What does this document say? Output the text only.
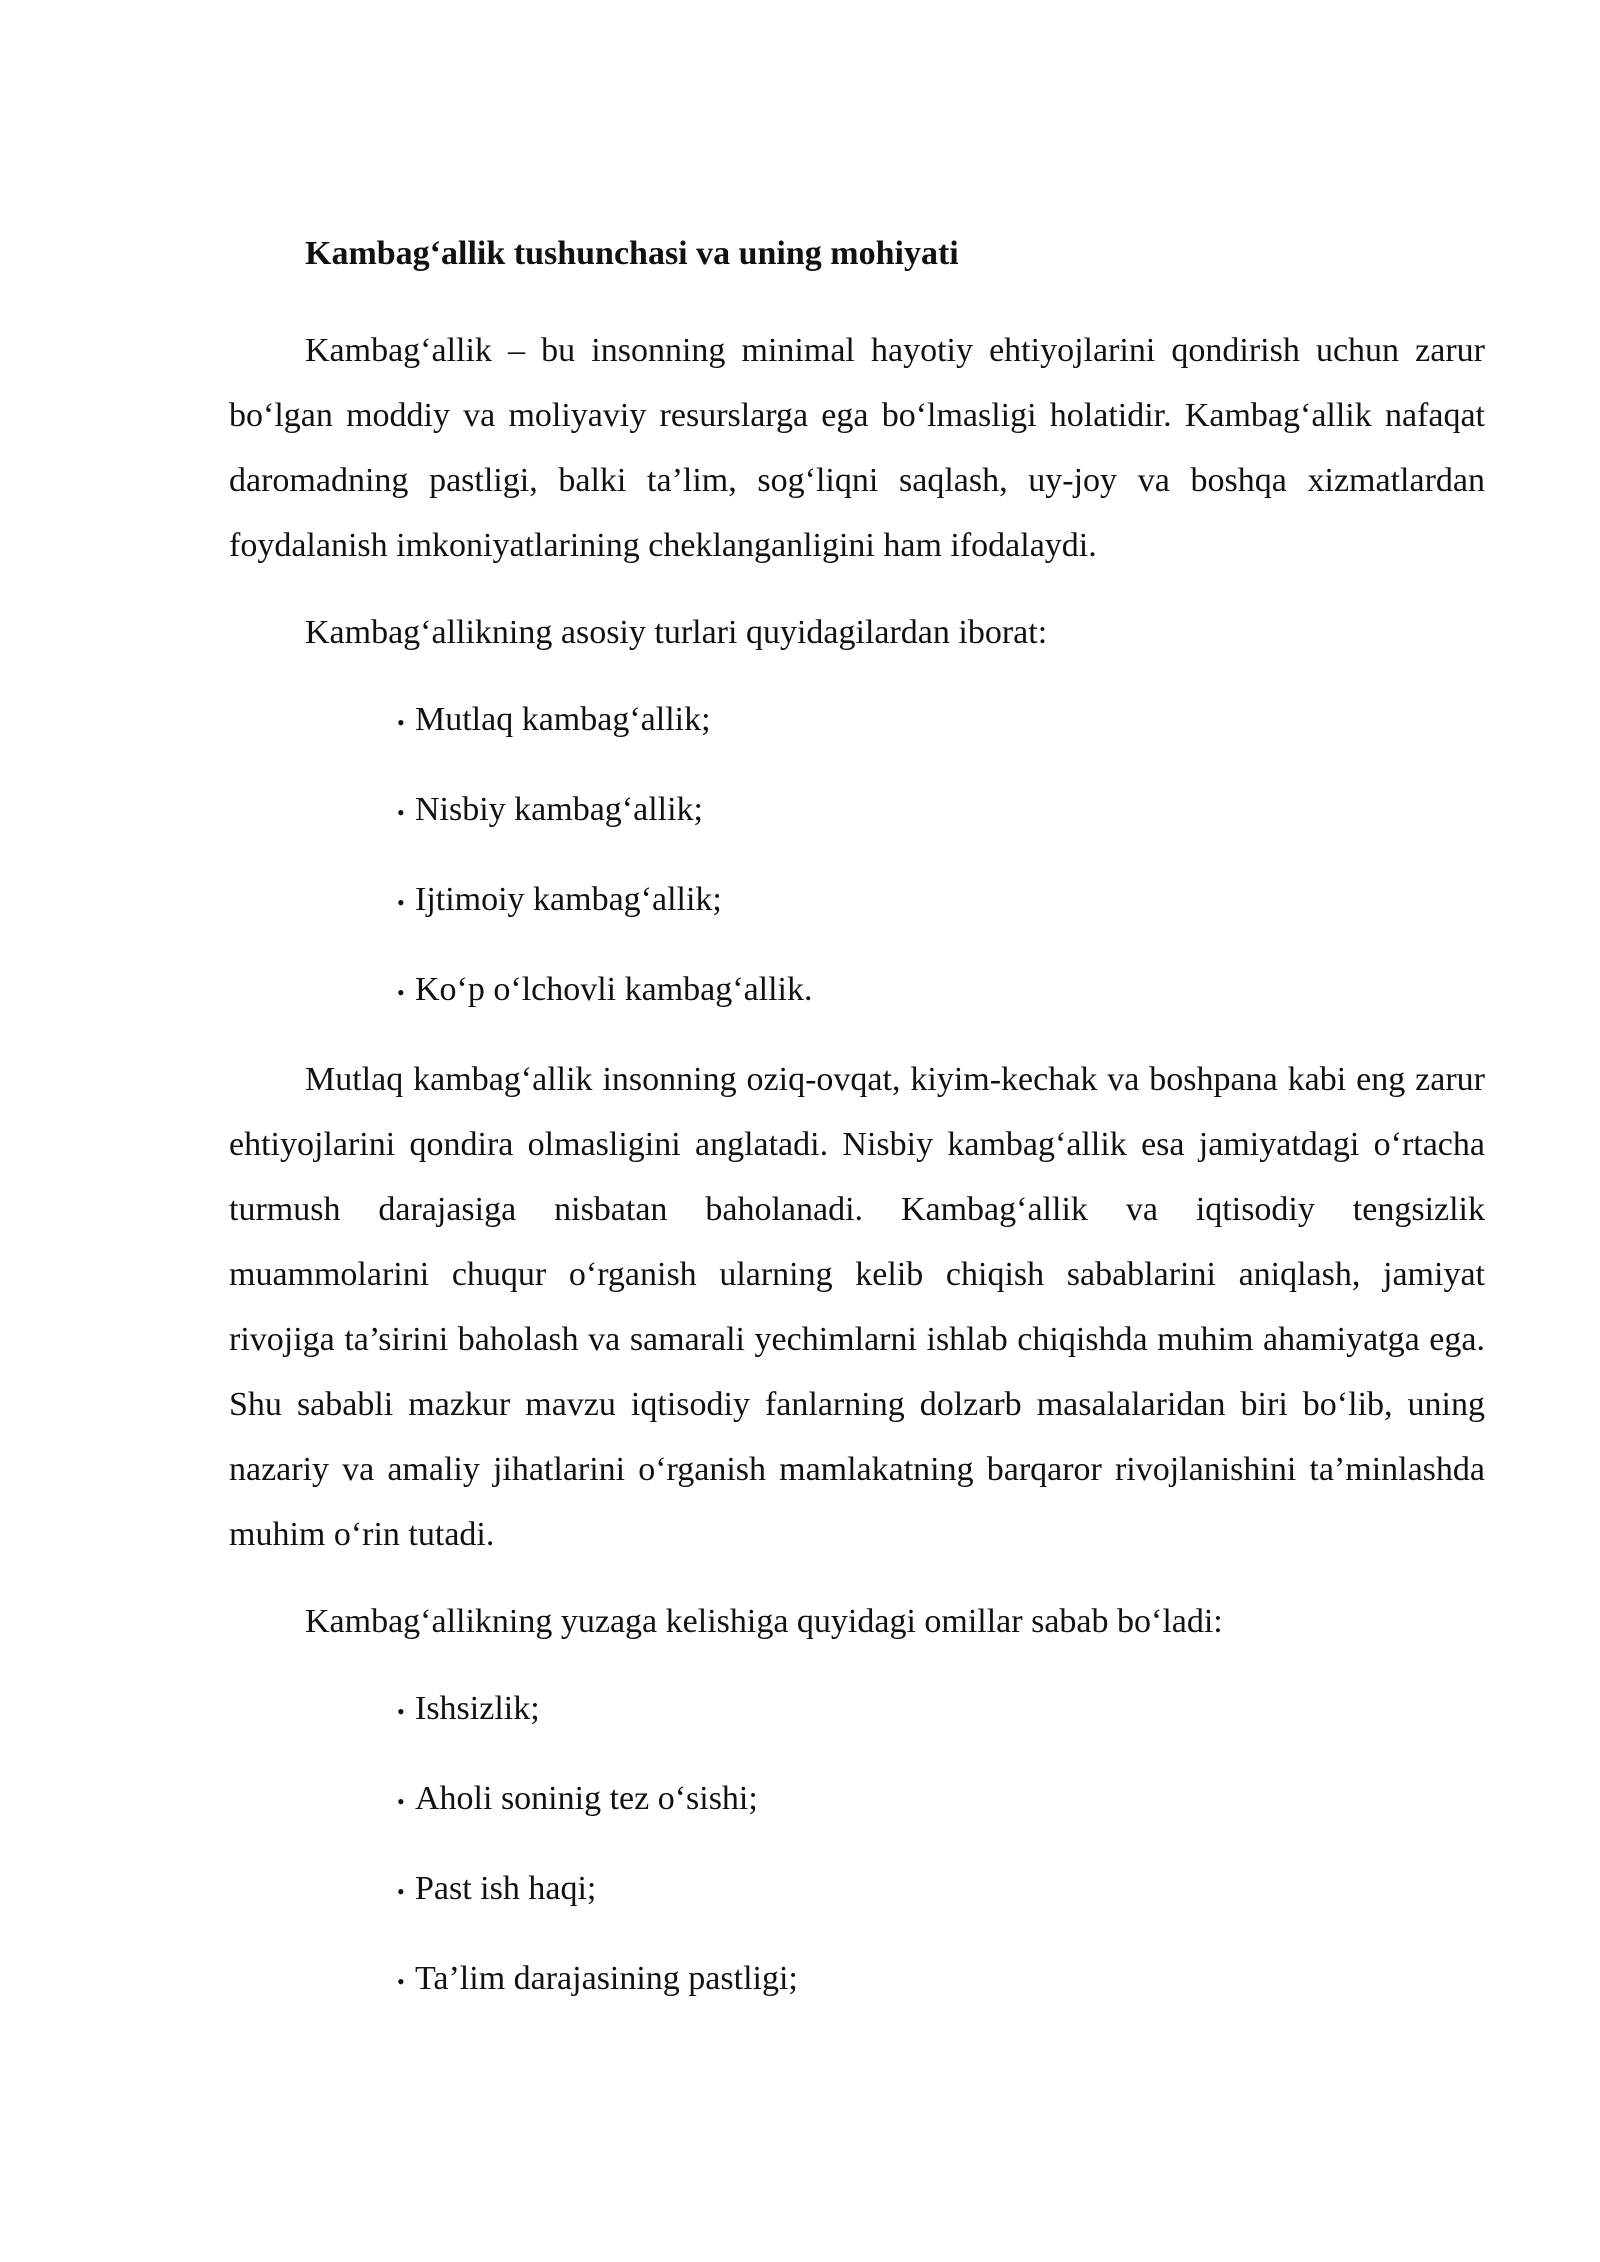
Kambag‘allik tushunchasi va uning mohiyati

Kambag‘allik – bu insonning minimal hayotiy ehtiyojlarini qondirish uchun zarur bo‘lgan moddiy va moliyaviy resurslarga ega bo‘lmasligi holatidir. Kambag‘allik nafaqat daromadning pastligi, balki ta’lim, sog‘liqni saqlash, uy-joy va boshqa xizmatlardan foydalanish imkoniyatlarining cheklanganligini ham ifodalaydi.

Kambag‘allikning asosiy turlari quyidagilardan iborat:

• Mutlaq kambag‘allik;
• Nisbiy kambag‘allik;
• Ijtimoiy kambag‘allik;
• Ko‘p o‘lchovli kambag‘allik.

Mutlaq kambag‘allik insonning oziq-ovqat, kiyim-kechak va boshpana kabi eng zarur ehtiyojlarini qondira olmasligini anglatadi. Nisbiy kambag‘allik esa jamiyatdagi o‘rtacha turmush darajasiga nisbatan baholanadi. Kambag‘allik va iqtisodiy tengsizlik muammolarini chuqur o‘rganish ularning kelib chiqish sabablarini aniqlash, jamiyat rivojiga ta’sirini baholash va samarali yechimlarni ishlab chiqishda muhim ahamiyatga ega. Shu sababli mazkur mavzu iqtisodiy fanlarning dolzarb masalalaridan biri bo‘lib, uning nazariy va amaliy jihatlarini o‘rganish mamlakatning barqaror rivojlanishini ta’minlashda muhim o‘rin tutadi.

Kambag‘allikning yuzaga kelishiga quyidagi omillar sabab bo‘ladi:

• Ishsizlik;
• Aholi soninig tez o‘sishi;
• Past ish haqi;
• Ta’lim darajasining pastligi;
